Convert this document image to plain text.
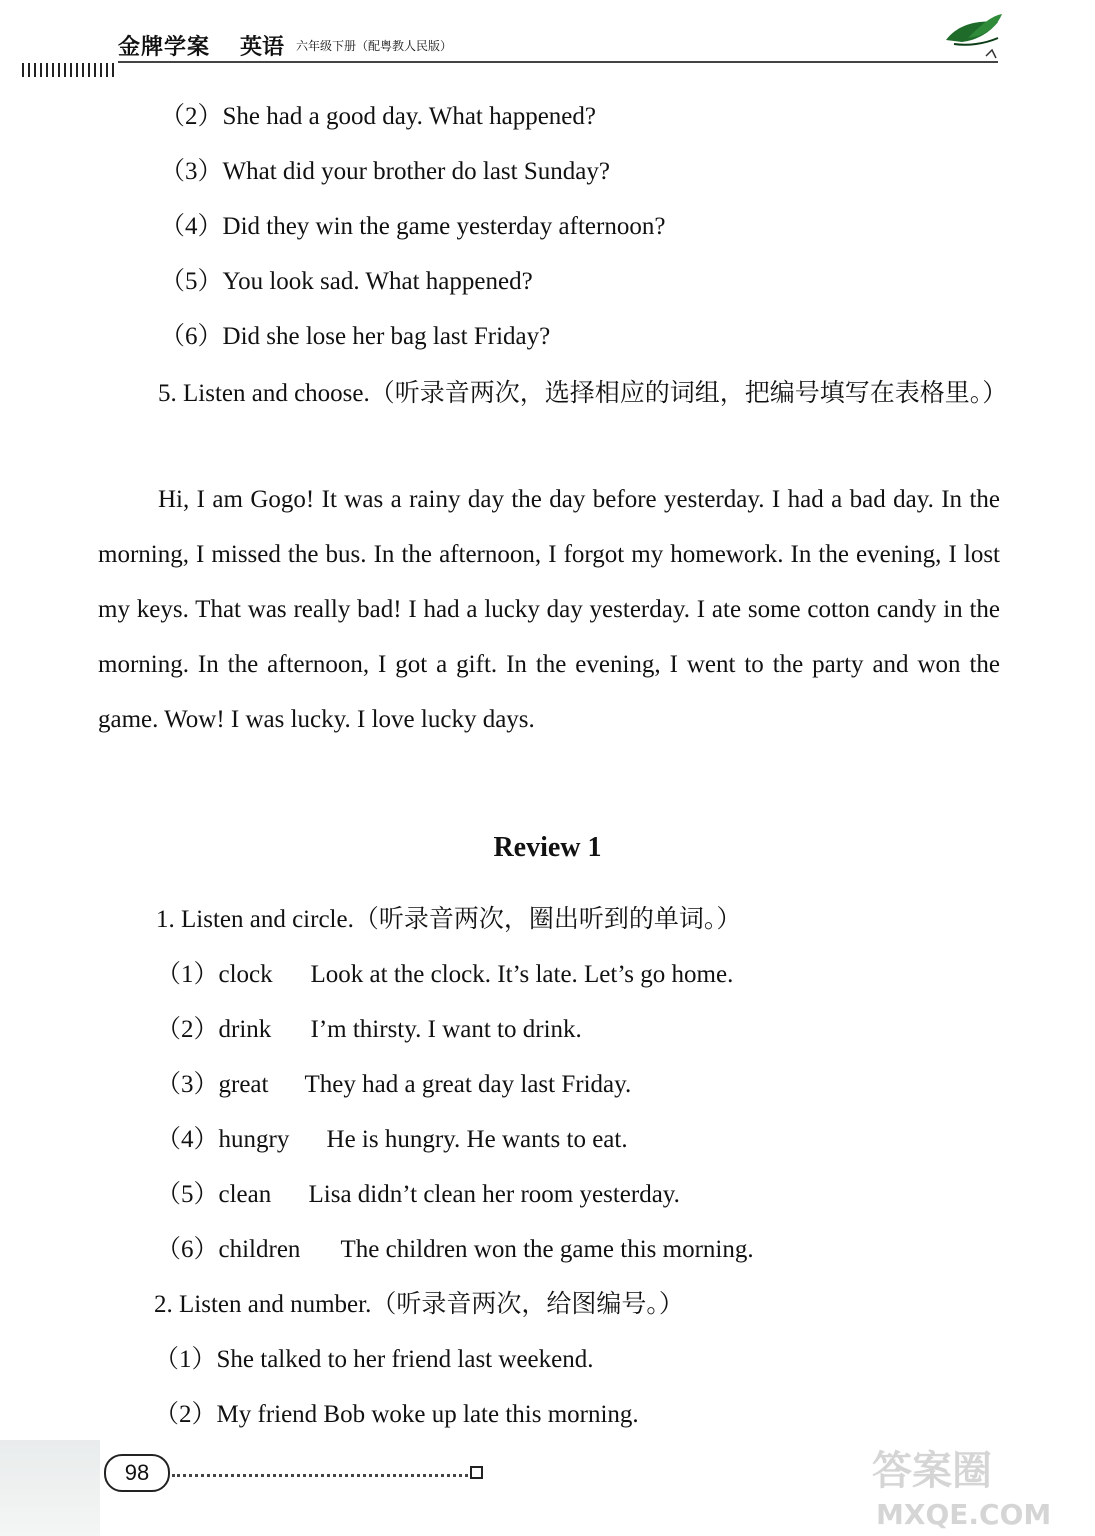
金牌学案 英语 六年级下册（配粤教人民版）
（2）She had a good day. What happened?
（3）What did your brother do last Sunday?
（4）Did they win the game yesterday afternoon?
（5）You look sad. What happened?
（6）Did she lose her bag last Friday?
5. Listen and choose.（听录音两次，选择相应的词组，把编号填写在表格里。）
Hi, I am Gogo! It was a rainy day the day before yesterday. I had a bad day. In the morning, I missed the bus. In the afternoon, I forgot my homework. In the evening, I lost my keys. That was really bad! I had a lucky day yesterday. I ate some cotton candy in the morning. In the afternoon, I got a gift. In the evening, I went to the party and won the game. Wow! I was lucky. I love lucky days.
Review 1
1. Listen and circle.（听录音两次，圈出听到的单词。）
（1）clock Look at the clock. It’s late. Let’s go home.
（2）drink I’m thirsty. I want to drink.
（3）great They had a great day last Friday.
（4）hungry He is hungry. He wants to eat.
（5）clean Lisa didn’t clean her room yesterday.
（6）children The children won the game this morning.
2. Listen and number.（听录音两次，给图编号。）
（1）She talked to her friend last weekend.
（2）My friend Bob woke up late this morning.
98	答案圈
MXQE.COM
